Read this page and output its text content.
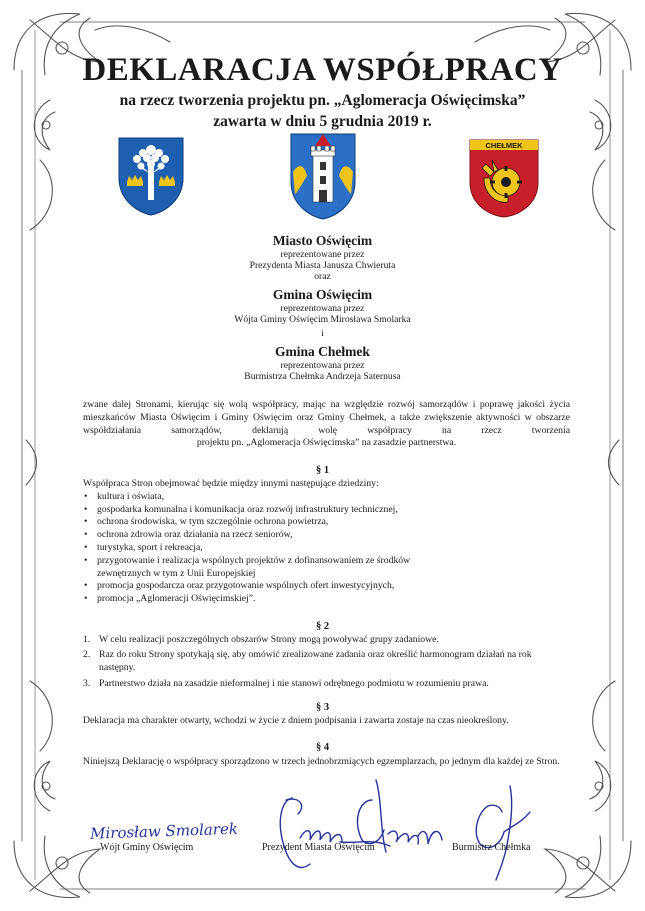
DEKLARACJA WSPÓŁPRACY
na rzecz tworzenia projektu pn. „Aglomeracja Oświęcimska”
zawarta w dniu 5 grudnia 2019 r.
CHEŁMEK
Miasto Oświęcim
reprezentowane przez
Prezydenta Miasta Janusza Chwieruta
oraz
Gmina Oświęcim
reprezentowana przez
Wójta Gminy Oświęcim Mirosława Smolarka
i
Gmina Chełmek
reprezentowana przez
Burmistrza Chełmka Andrzeja Saternusa
zwane dalej Stronami, kierując się wolą współpracy, mając na względzie rozwój samorządów i poprawę jakości życia mieszkańców Miasta Oświęcim i Gminy Oświęcim oraz Gminy Chełmek, a także zwiększenie aktywności w obszarze współdziałania samorządów, deklarują wolę współpracy na rzecz tworzenia
projektu pn. „Aglomeracja Oświęcimska” na zasadzie partnerstwa.
§ 1
Współpraca Stron obejmować będzie między innymi następujące dziedziny:
• kultura i oświata,
• gospodarka komunalna i komunikacja oraz rozwój infrastruktury technicznej,
• ochrona środowiska, w tym szczególnie ochrona powietrza,
• ochrona zdrowia oraz działania na rzecz seniorów,
• turystyka, sport i rekreacja,
• przygotowanie i realizacja wspólnych projektów z dofinansowaniem ze środków zewnętrznych w tym z Unii Europejskiej
• promocja gospodarcza oraz przygotowanie wspólnych ofert inwestycyjnych,
• promocja „Aglomeracji Oświęcimskiej”.
§ 2
1. W celu realizacji poszczególnych obszarów Strony mogą powoływać grupy zadaniowe.
2. Raz do roku Strony spotykają się, aby omówić zrealizowane zadania oraz określić harmonogram działań na rok następny.
3. Partnerstwo działa na zasadzie nieformalnej i nie stanowi odrębnego podmiotu w rozumieniu prawa.
§ 3
Deklaracja ma charakter otwarty, wchodzi w życie z dniem podpisania i zawarta zostaje na czas nieokreślony.
§ 4
Niniejszą Deklarację o współpracy sporządzono w trzech jednobrzmiących egzemplarzach, po jednym dla każdej ze Stron.
Mirosław Smolarek
Wójt Gminy Oświęcim	Prezydent Miasta Oświęcim	Burmistrz Chełmka
